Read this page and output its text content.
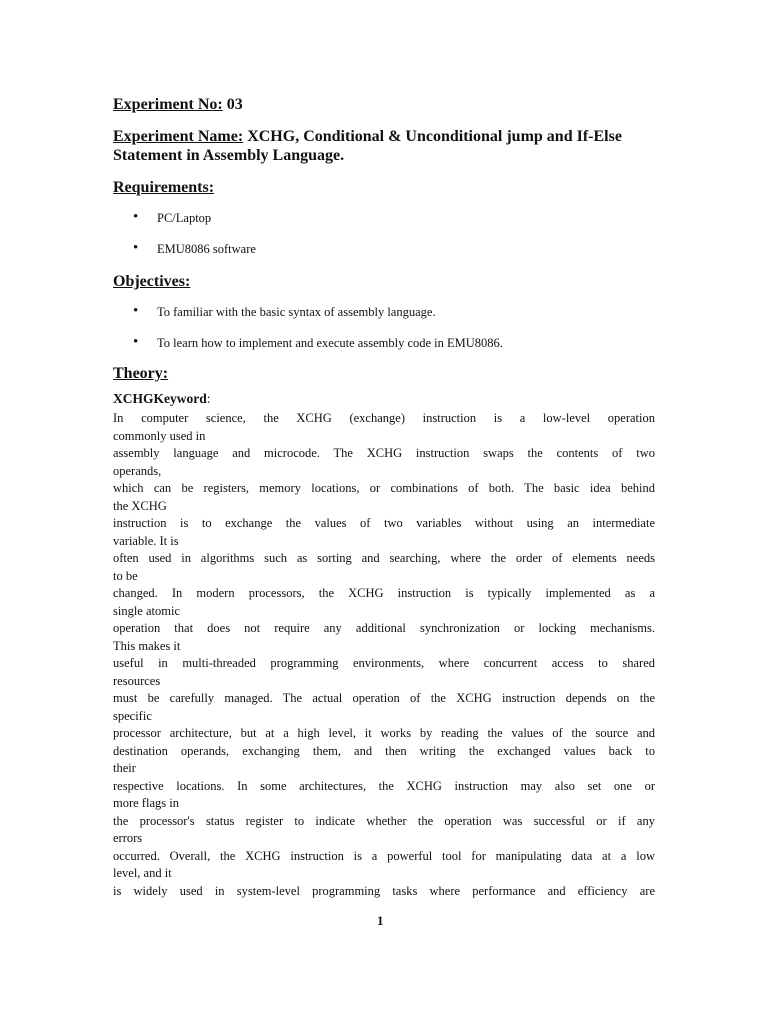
Experiment No: 03
Experiment Name: XCHG, Conditional & Unconditional jump and If-Else Statement in Assembly Language.
Requirements:
• PC/Laptop
• EMU8086 software
Objectives:
• To familiar with the basic syntax of assembly language.
• To learn how to implement and execute assembly code in EMU8086.
Theory:
XCHGKeyword:
In computer science, the XCHG (exchange) instruction is a low-level operation
commonly used in
assembly language and microcode. The XCHG instruction swaps the contents of two
operands,
which can be registers, memory locations, or combinations of both. The basic idea behind
the XCHG
instruction is to exchange the values of two variables without using an intermediate
variable. It is
often used in algorithms such as sorting and searching, where the order of elements needs
to be
changed. In modern processors, the XCHG instruction is typically implemented as a
single atomic
operation that does not require any additional synchronization or locking mechanisms.
This makes it
useful in multi-threaded programming environments, where concurrent access to shared
resources
must be carefully managed. The actual operation of the XCHG instruction depends on the
specific
processor architecture, but at a high level, it works by reading the values of the source and
destination operands, exchanging them, and then writing the exchanged values back to
their
respective locations. In some architectures, the XCHG instruction may also set one or
more flags in
the processor's status register to indicate whether the operation was successful or if any
errors
occurred. Overall, the XCHG instruction is a powerful tool for manipulating data at a low
level, and it
is widely used in system-level programming tasks where performance and efficiency are
1
